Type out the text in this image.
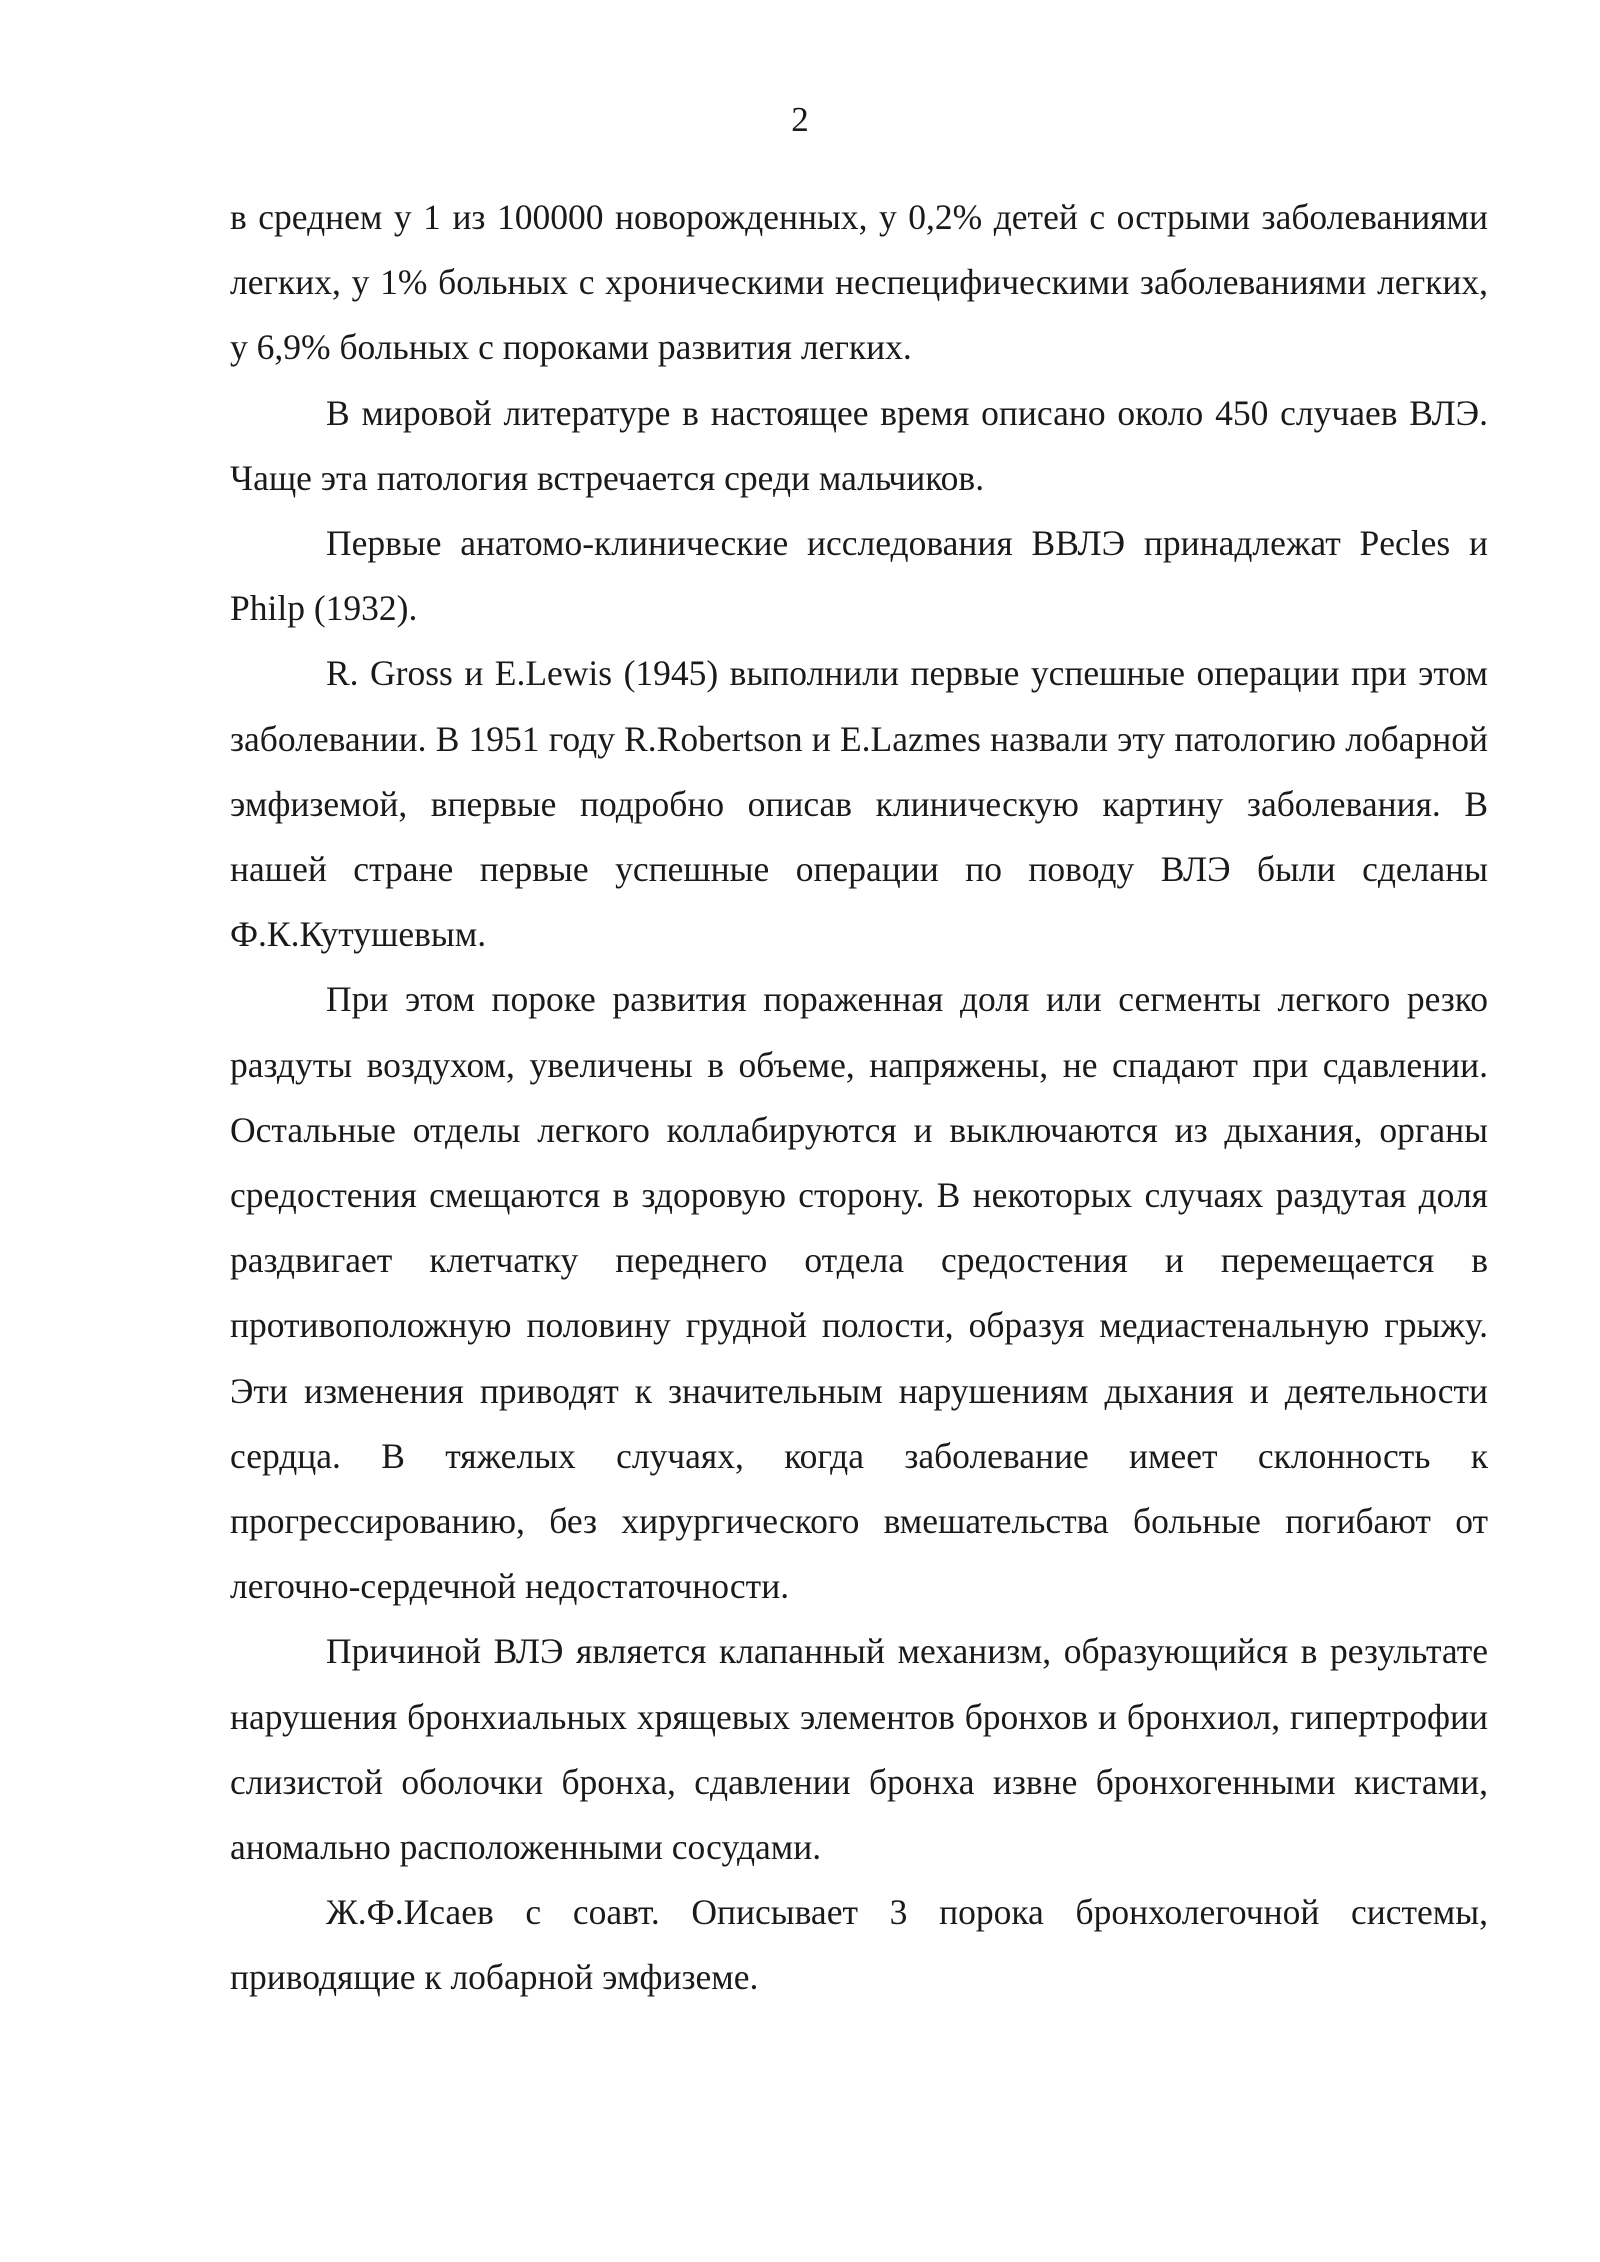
2

в среднем у 1 из 100000 новорожденных, у 0,2% детей с острыми заболеваниями легких, у 1% больных с хроническими неспецифическими заболеваниями легких, у 6,9% больных с пороками развития легких.

В мировой литературе в настоящее время описано около 450 случаев ВЛЭ. Чаще эта патология встречается среди мальчиков.

Первые анатомо-клинические исследования ВВЛЭ принадлежат Pecles и Philp (1932).

R. Gross и E.Lewis (1945) выполнили первые успешные операции при этом заболевании. В 1951 году R.Robertson и E.Lazmes назвали эту патологию лобарной эмфиземой, впервые подробно описав клиническую картину заболевания. В нашей стране первые успешные операции по поводу ВЛЭ были сделаны Ф.К.Кутушевым.

При этом пороке развития пораженная доля или сегменты легкого резко раздуты воздухом, увеличены в объеме, напряжены, не спадают при сдавлении. Остальные отделы легкого коллабируются и выключаются из дыхания, органы средостения смещаются в здоровую сторону. В некоторых случаях раздутая доля раздвигает клетчатку переднего отдела средостения и перемещается в противоположную половину грудной полости, образуя медиастенальную грыжу. Эти изменения приводят к значительным нарушениям дыхания и деятельности сердца. В тяжелых случаях, когда заболевание имеет склонность к прогрессированию, без хирургического вмешательства больные погибают от легочно-сердечной недостаточности.

Причиной ВЛЭ является клапанный механизм, образующийся в результате нарушения бронхиальных хрящевых элементов бронхов и бронхиол, гипертрофии слизистой оболочки бронха, сдавлении бронха извне бронхогенными кистами, аномально расположенными сосудами.

Ж.Ф.Исаев с соавт. Описывает 3 порока бронхолегочной системы, приводящие к лобарной эмфиземе.
